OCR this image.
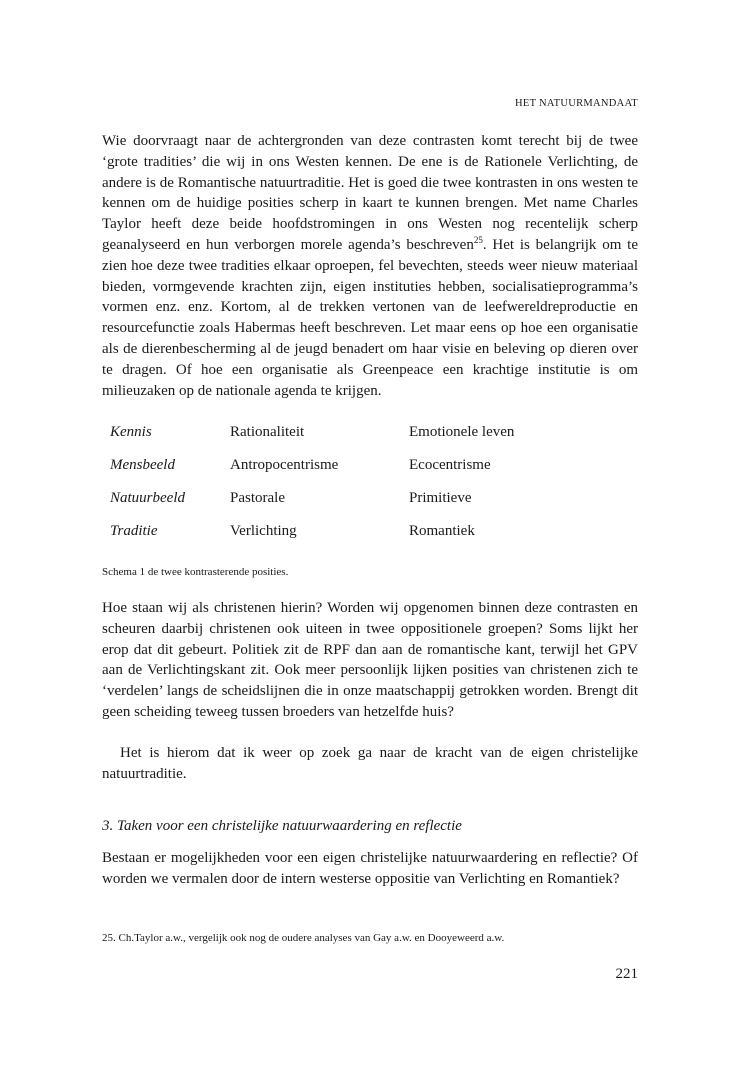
HET NATUURMANDAAT

Wie doorvraagt naar de achtergronden van deze contrasten komt terecht bij de twee ‘grote tradities’ die wij in ons Westen kennen. De ene is de Rationele Verlichting, de andere is de Romantische natuurtraditie. Het is goed die twee kontrasten in ons westen te kennen om de huidige posities scherp in kaart te kunnen brengen. Met name Charles Taylor heeft deze beide hoofdstromingen in ons Westen nog recentelijk scherp geanalyseerd en hun verborgen morele agenda’s beschreven$^{25}$. Het is belangrijk om te zien hoe deze twee tradities elkaar oproepen, fel bevechten, steeds weer nieuw materiaal bieden, vormgevende krachten zijn, eigen instituties hebben, socialisatieprogramma’s vormen enz. enz. Kortom, al de trekken vertonen van de leefwereldreproductie en resourcefunctie zoals Habermas heeft beschreven. Let maar eens op hoe een organisatie als de dierenbescherming al de jeugd benadert om haar visie en beleving op dieren over te dragen. Of hoe een organisatie als Greenpeace een krachtige institutie is om milieuzaken op de nationale agenda te krijgen.

Kennis	Rationaliteit	Emotionele leven
Mensbeeld	Antropocentrisme	Ecocentrisme
Natuurbeeld	Pastorale	Primitieve
Traditie	Verlichting	Romantiek
Schema 1 de twee kontrasterende posities.

Hoe staan wij als christenen hierin? Worden wij opgenomen binnen deze contrasten en scheuren daarbij christenen ook uiteen in twee oppositionele groepen? Soms lijkt her erop dat dit gebeurt. Politiek zit de RPF dan aan de romantische kant, terwijl het GPV aan de Verlichtingskant zit. Ook meer persoonlijk lijken posities van christenen zich te ‘verdelen’ langs de scheidslijnen die in onze maatschappij getrokken worden. Brengt dit geen scheiding teweeg tussen broeders van hetzelfde huis?

Het is hierom dat ik weer op zoek ga naar de kracht van de eigen christelijke natuurtraditie.

3. Taken voor een christelijke natuurwaardering en reflectie

Bestaan er mogelijkheden voor een eigen christelijke natuurwaardering en reflectie? Of worden we vermalen door de intern westerse oppositie van Verlichting en Romantiek?

25. Ch.Taylor a.w., vergelijk ook nog de oudere analyses van Gay a.w. en Dooyeweerd a.w.
221
